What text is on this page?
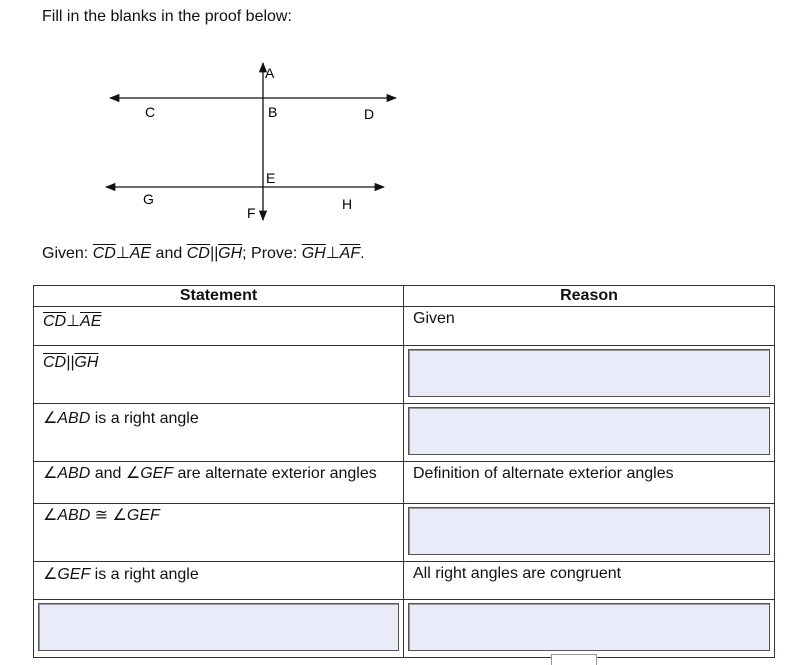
Fill in the blanks in the proof below:
A
B
C	D
E
F
G	H
Given: $\overline{CD}\perp\overline{AE}$ and $\overline{CD}||\overline{GH}$; Prove: $\overline{GH}\perp\overline{AF}$.
Statement	Reason

$\overline{CD}\perp\overline{AE}$	Given

$\overline{CD}||\overline{GH}$

∠ABD is a right angle	

∠ABD and ∠GEF are alternate exterior angles	Definition of alternate exterior angles

∠ABD ≅ ∠GEF	

∠GEF is a right angle	All right angles are congruent
